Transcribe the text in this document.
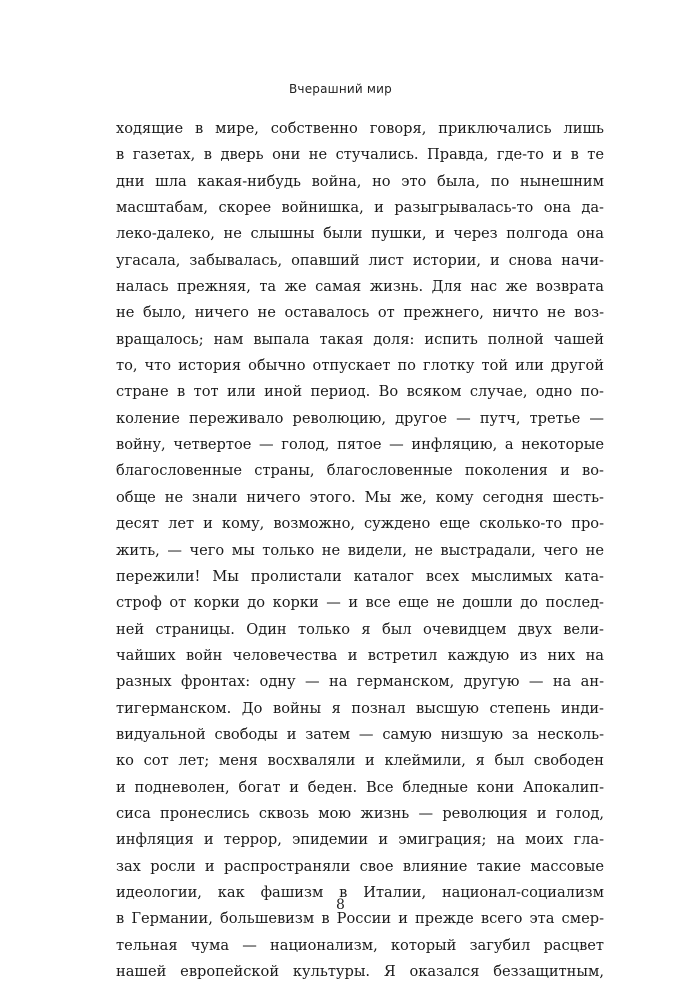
Вчерашний мир
ходящие в мире, собственно говоря, приключались лишь
в газетах, в дверь они не стучались. Правда, где-то и в те
дни шла какая-нибудь война, но это была, по нынешним
масштабам, скорее войнишка, и разыгрывалась-то она да-
леко-далеко, не слышны были пушки, и через полгода она
угасала, забывалась, опавший лист истории, и снова начи-
налась прежняя, та же самая жизнь. Для нас же возврата
не было, ничего не оставалось от прежнего, ничто не воз-
вращалось; нам выпала такая доля: испить полной чашей
то, что история обычно отпускает по глотку той или другой
стране в тот или иной период. Во всяком случае, одно по-
коление переживало революцию, другое — путч, третье —
войну, четвертое — голод, пятое — инфляцию, а некоторые
благословенные страны, благословенные поколения и во-
обще не знали ничего этого. Мы же, кому сегодня шесть-
десят лет и кому, возможно, суждено еще сколько-то про-
жить, — чего мы только не видели, не выстрадали, чего не
пережили! Мы пролистали каталог всех мыслимых катa-
строф от корки до корки — и все еще не дошли до послед-
ней страницы. Один только я был очевидцем двух вели-
чайших войн человечества и встретил каждую из них на
разных фронтах: одну — на германском, другую — на ан-
тигерманском. До войны я познал высшую степень инди-
видуальной свободы и затем — самую низшую за несколь-
ко сот лет; меня восхваляли и клеймили, я был свободен
и подневолен, богат и беден. Все бледные кони Апокалип-
сиса пронеслись сквозь мою жизнь — революция и голод,
инфляция и террор, эпидемии и эмиграция; на моих гла-
зах росли и распространяли свое влияние такие массовые
идеологии, как фашизм в Италии, национал-социализм
в Германии, большевизм в России и прежде всего эта смер-
тельная чума — национализм, который загубил расцвет
нашей европейской культуры. Я оказался беззащитным,
8
